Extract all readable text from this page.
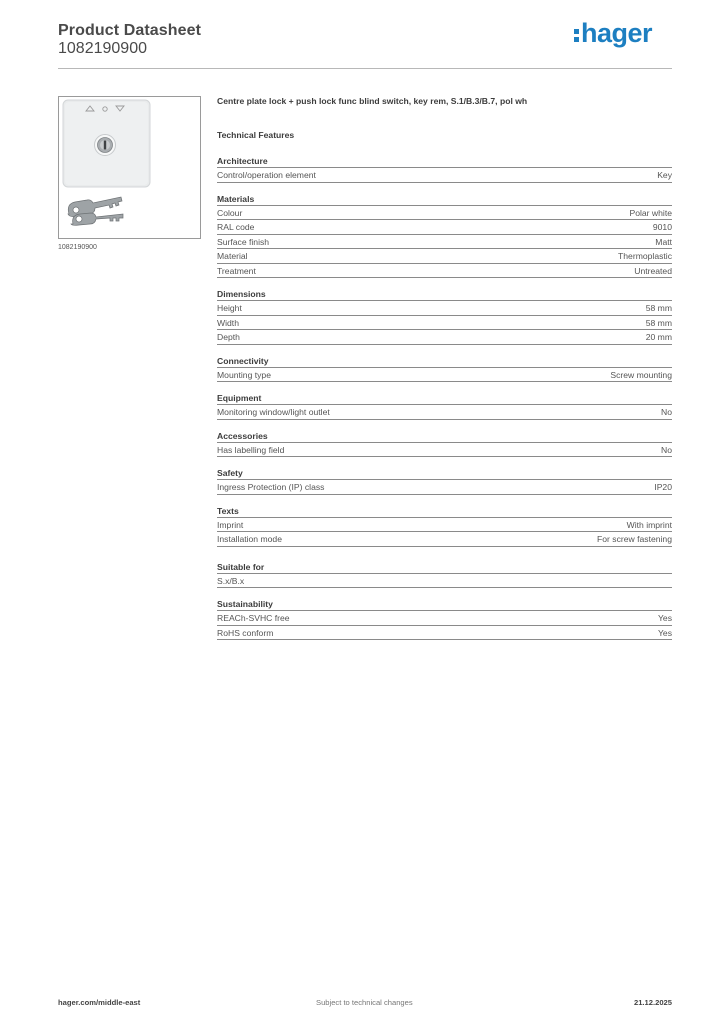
Product Datasheet
1082190900
hager
1082190900
Centre plate lock + push lock func blind switch, key rem, S.1/B.3/B.7, pol wh
Technical Features
Architecture
Control/operation element	Key
Materials
Colour	Polar white
RAL code	9010
Surface finish	Matt
Material	Thermoplastic
Treatment	Untreated
Dimensions
Height	58 mm
Width	58 mm
Depth	20 mm
Connectivity
Mounting type	Screw mounting
Equipment
Monitoring window/light outlet	No
Accessories
Has labelling field	No
Safety
Ingress Protection (IP) class	IP20
Texts
Imprint	With imprint
Installation mode	For screw fastening
Suitable for
S.x/B.x
Sustainability
REACh-SVHC free	Yes
RoHS conform	Yes
hager.com/middle-east	Subject to technical changes	21.12.2025
